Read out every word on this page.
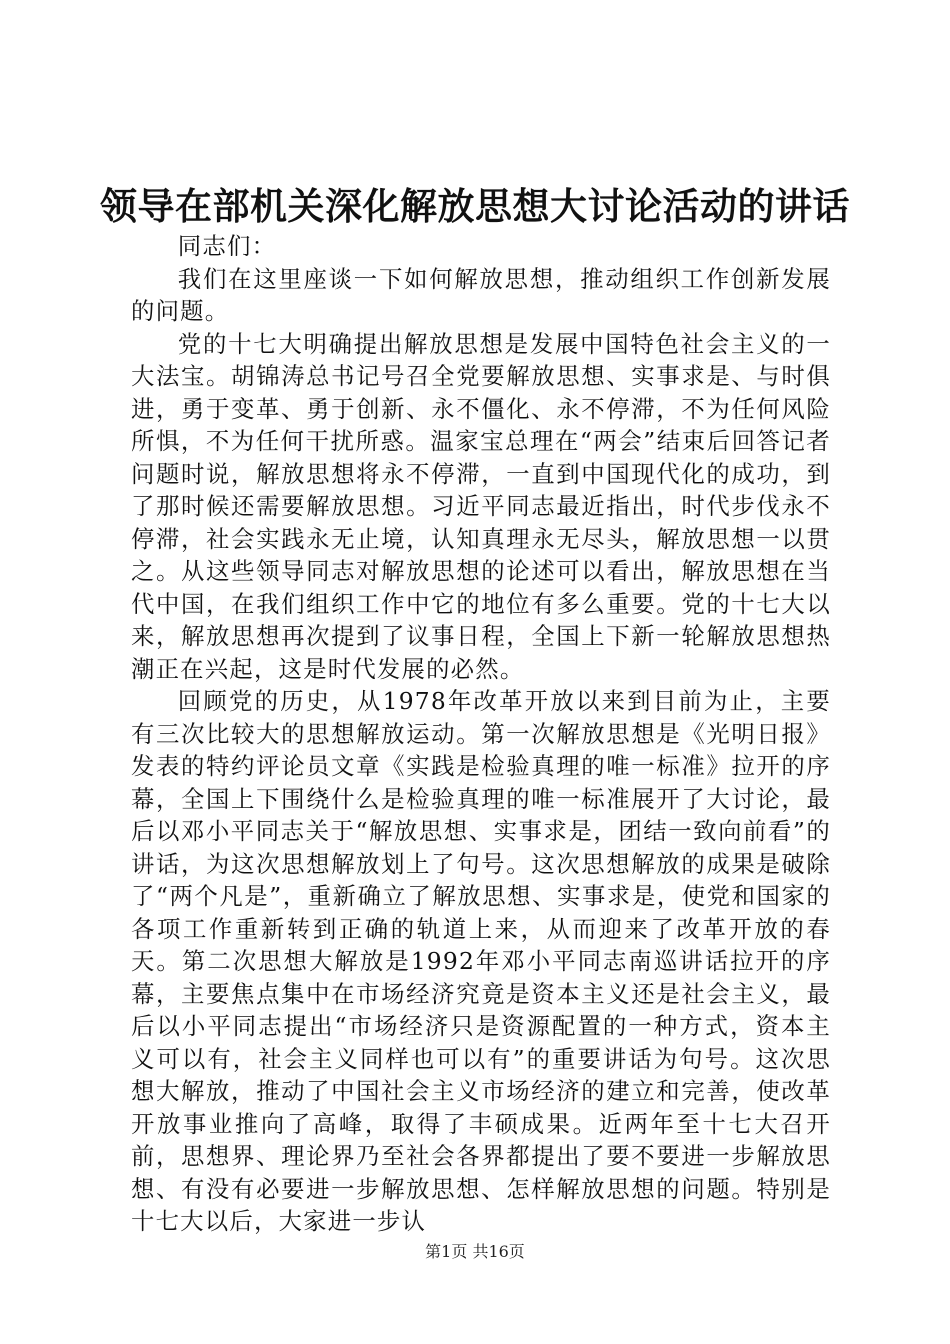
领导在部机关深化解放思想大讨论活动的讲话

同志们：

我们在这里座谈一下如何解放思想，推动组织工作创新发展的问题。

党的十七大明确提出解放思想是发展中国特色社会主义的一大法宝。胡锦涛总书记号召全党要解放思想、实事求是、与时俱进，勇于变革、勇于创新、永不僵化、永不停滞，不为任何风险所惧，不为任何干扰所惑。温家宝总理在“两会”结束后回答记者问题时说，解放思想将永不停滞，一直到中国现代化的成功，到了那时候还需要解放思想。习近平同志最近指出，时代步伐永不停滞，社会实践永无止境，认知真理永无尽头，解放思想一以贯之。从这些领导同志对解放思想的论述可以看出，解放思想在当代中国，在我们组织工作中它的地位有多么重要。党的十七大以来，解放思想再次提到了议事日程，全国上下新一轮解放思想热潮正在兴起，这是时代发展的必然。

回顾党的历史，从1978年改革开放以来到目前为止，主要有三次比较大的思想解放运动。第一次解放思想是《光明日报》发表的特约评论员文章《实践是检验真理的唯一标准》拉开的序幕，全国上下围绕什么是检验真理的唯一标准展开了大讨论，最后以邓小平同志关于“解放思想、实事求是，团结一致向前看”的讲话，为这次思想解放划上了句号。这次思想解放的成果是破除了“两个凡是”，重新确立了解放思想、实事求是，使党和国家的各项工作重新转到正确的轨道上来，从而迎来了改革开放的春天。第二次思想大解放是1992年邓小平同志南巡讲话拉开的序幕，主要焦点集中在市场经济究竟是资本主义还是社会主义，最后以小平同志提出“市场经济只是资源配置的一种方式，资本主义可以有，社会主义同样也可以有”的重要讲话为句号。这次思想大解放，推动了中国社会主义市场经济的建立和完善，使改革开放事业推向了高峰，取得了丰硕成果。近两年至十七大召开前，思想界、理论界乃至社会各界都提出了要不要进一步解放思想、有没有必要进一步解放思想、怎样解放思想的问题。特别是十七大以后，大家进一步认

第1页 共16页
